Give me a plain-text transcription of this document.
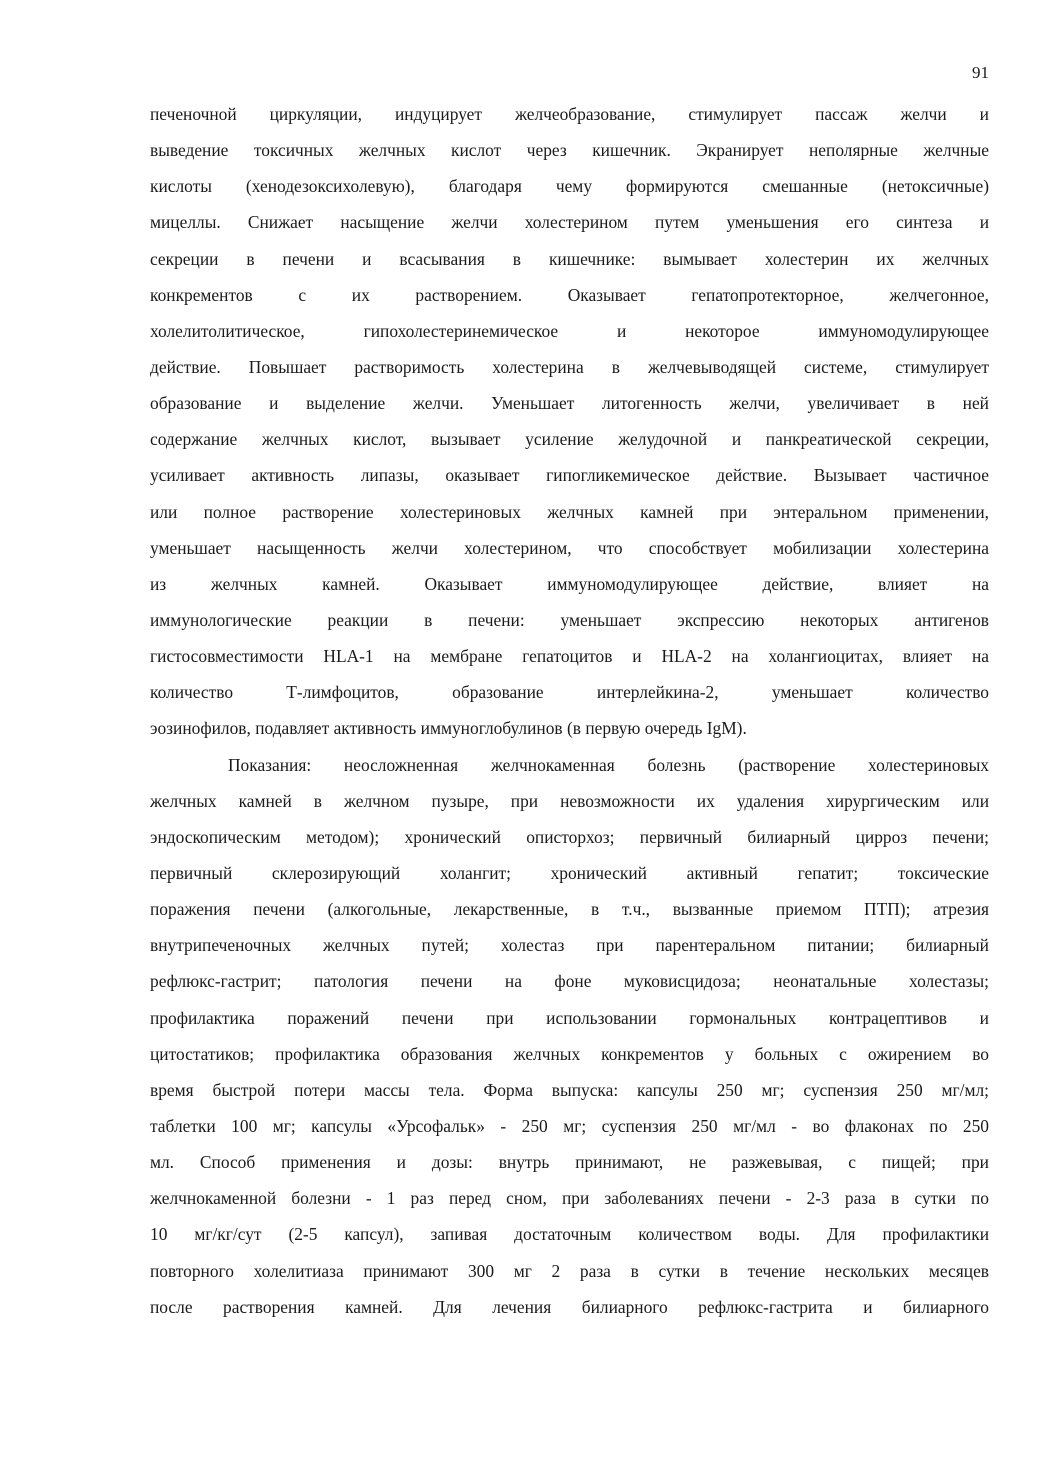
91
печеночной циркуляции, индуцирует желчеобразование, стимулирует пассаж желчи и
выведение токсичных желчных кислот через кишечник. Экранирует неполярные желчные
кислоты (хенодезоксихолевую), благодаря чему формируются смешанные (нетоксичные)
мицеллы. Снижает насыщение желчи холестерином путем уменьшения его синтеза и
секреции в печени и всасывания в кишечнике: вымывает холестерин их желчных
конкрементов с их растворением. Оказывает гепатопротекторное, желчегонное,
холелитолитическое, гипохолестеринемическое и некоторое иммуномодулирующее
действие. Повышает растворимость холестерина в желчевыводящей системе, стимулирует
образование и выделение желчи. Уменьшает литогенность желчи, увеличивает в ней
содержание желчных кислот, вызывает усиление желудочной и панкреатической секреции,
усиливает активность липазы, оказывает гипогликемическое действие. Вызывает частичное
или полное растворение холестериновых желчных камней при энтеральном применении,
уменьшает насыщенность желчи холестерином, что способствует мобилизации холестерина
из желчных камней. Оказывает иммуномодулирующее действие, влияет на
иммунологические реакции в печени: уменьшает экспрессию некоторых антигенов
гистосовместимости HLA-1 на мембране гепатоцитов и HLA-2 на холангиоцитах, влияет на
количество Т-лимфоцитов, образование интерлейкина-2, уменьшает количество
эозинофилов, подавляет активность иммуноглобулинов (в первую очередь IgM).
Показания: неосложненная желчнокаменная болезнь (растворение холестериновых
желчных камней в желчном пузыре, при невозможности их удаления хирургическим или
эндоскопическим методом); хронический описторхоз; первичный билиарный цирроз печени;
первичный склерозирующий холангит; хронический активный гепатит; токсические
поражения печени (алкогольные, лекарственные, в т.ч., вызванные приемом ПТП); атрезия
внутрипеченочных желчных путей; холестаз при парентеральном питании; билиарный
рефлюкс-гастрит; патология печени на фоне муковисцидоза; неонатальные холестазы;
профилактика поражений печени при использовании гормональных контрацептивов и
цитостатиков; профилактика образования желчных конкрементов у больных с ожирением во
время быстрой потери массы тела. Форма выпуска: капсулы 250 мг; суспензия 250 мг/мл;
таблетки 100 мг; капсулы «Урсофальк» - 250 мг; суспензия 250 мг/мл - во флаконах по 250
мл. Способ применения и дозы: внутрь принимают, не разжевывая, с пищей; при
желчнокаменной болезни - 1 раз перед сном, при заболеваниях печени - 2-3 раза в сутки по
10 мг/кг/сут (2-5 капсул), запивая достаточным количеством воды. Для профилактики
повторного холелитиаза принимают 300 мг 2 раза в сутки в течение нескольких месяцев
после растворения камней. Для лечения билиарного рефлюкс-гастрита и билиарного
